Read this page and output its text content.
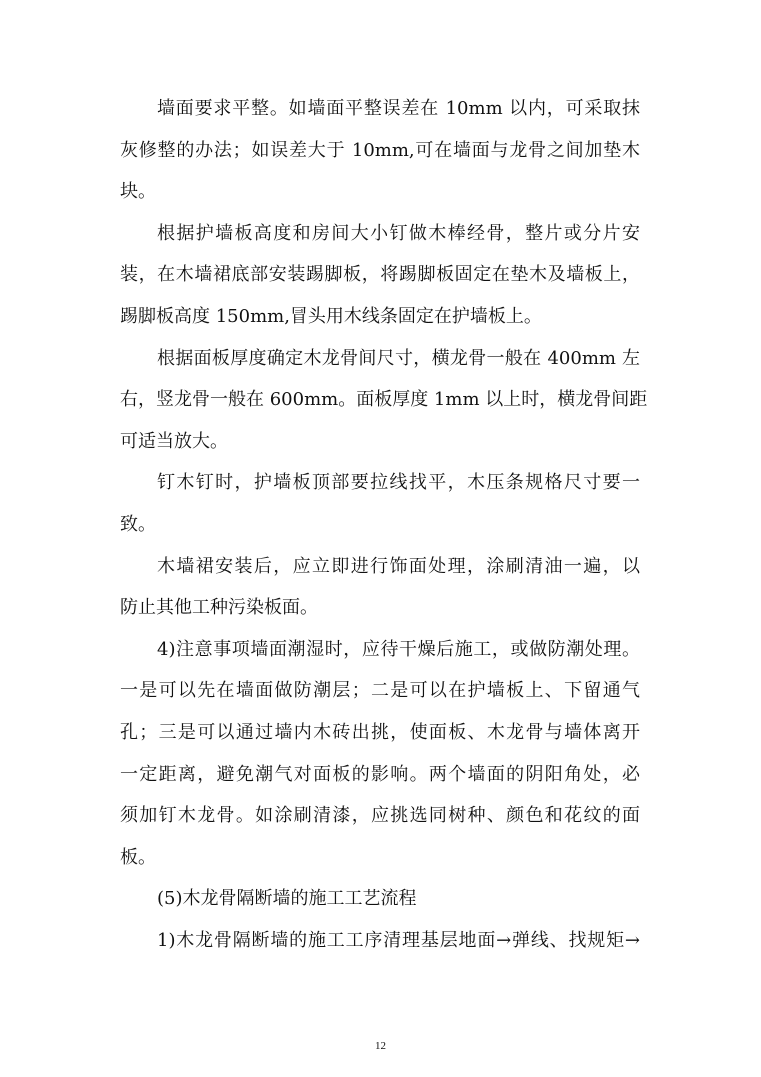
墙面要求平整。如墙面平整误差在 10mm 以内，可采取抹
灰修整的办法；如误差大于 10mm,可在墙面与龙骨之间加垫木
块。
根据护墙板高度和房间大小钉做木棒经骨，整片或分片安
装，在木墙裙底部安装踢脚板，将踢脚板固定在垫木及墙板上，
踢脚板高度 150mm,冒头用木线条固定在护墙板上。
根据面板厚度确定木龙骨间尺寸，横龙骨一般在 400mm 左
右，竖龙骨一般在 600mm。面板厚度 1mm 以上时，横龙骨间距
可适当放大。
钉木钉时，护墙板顶部要拉线找平，木压条规格尺寸要一
致。
木墙裙安装后，应立即进行饰面处理，涂刷清油一遍，以
防止其他工种污染板面。
4)注意事项墙面潮湿时，应待干燥后施工，或做防潮处理。
一是可以先在墙面做防潮层；二是可以在护墙板上、下留通气
孔；三是可以通过墙内木砖出挑，使面板、木龙骨与墙体离开
一定距离，避免潮气对面板的影响。两个墙面的阴阳角处，必
须加钉木龙骨。如涂刷清漆，应挑选同树种、颜色和花纹的面
板。
(5)木龙骨隔断墙的施工工艺流程
1)木龙骨隔断墙的施工工序清理基层地面→弹线、找规矩→
12
